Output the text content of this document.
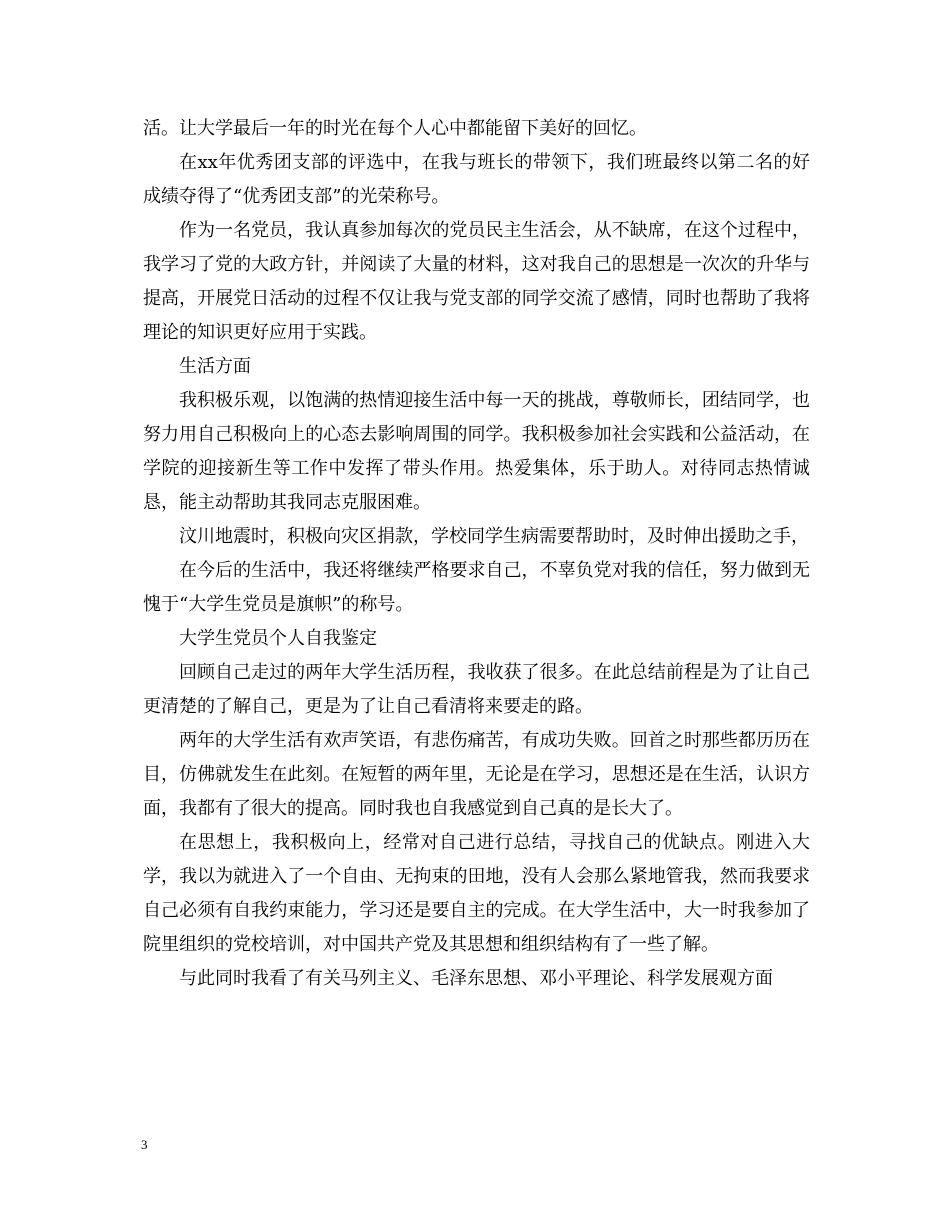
活。让大学最后一年的时光在每个人心中都能留下美好的回忆。

在xx年优秀团支部的评选中，在我与班长的带领下，我们班最终以第二名的好成绩夺得了“优秀团支部”的光荣称号。

作为一名党员，我认真参加每次的党员民主生活会，从不缺席，在这个过程中，我学习了党的大政方针，并阅读了大量的材料，这对我自己的思想是一次次的升华与提高，开展党日活动的过程不仅让我与党支部的同学交流了感情，同时也帮助了我将理论的知识更好应用于实践。

生活方面

我积极乐观，以饱满的热情迎接生活中每一天的挑战，尊敬师长，团结同学，也努力用自己积极向上的心态去影响周围的同学。我积极参加社会实践和公益活动，在学院的迎接新生等工作中发挥了带头作用。热爱集体，乐于助人。对待同志热情诚恳，能主动帮助其我同志克服困难。

汶川地震时，积极向灾区捐款，学校同学生病需要帮助时，及时伸出援助之手，

在今后的生活中，我还将继续严格要求自己，不辜负党对我的信任，努力做到无愧于“大学生党员是旗帜”的称号。

大学生党员个人自我鉴定

回顾自己走过的两年大学生活历程，我收获了很多。在此总结前程是为了让自己更清楚的了解自己，更是为了让自己看清将来要走的路。

两年的大学生活有欢声笑语，有悲伤痛苦，有成功失败。回首之时那些都历历在目，仿佛就发生在此刻。在短暂的两年里，无论是在学习，思想还是在生活，认识方面，我都有了很大的提高。同时我也自我感觉到自己真的是长大了。

在思想上，我积极向上，经常对自己进行总结，寻找自己的优缺点。刚进入大学，我以为就进入了一个自由、无拘束的田地，没有人会那么紧地管我，然而我要求自己必须有自我约束能力，学习还是要自主的完成。在大学生活中，大一时我参加了院里组织的党校培训，对中国共产党及其思想和组织结构有了一些了解。

与此同时我看了有关马列主义、毛泽东思想、邓小平理论、科学发展观方面

3
